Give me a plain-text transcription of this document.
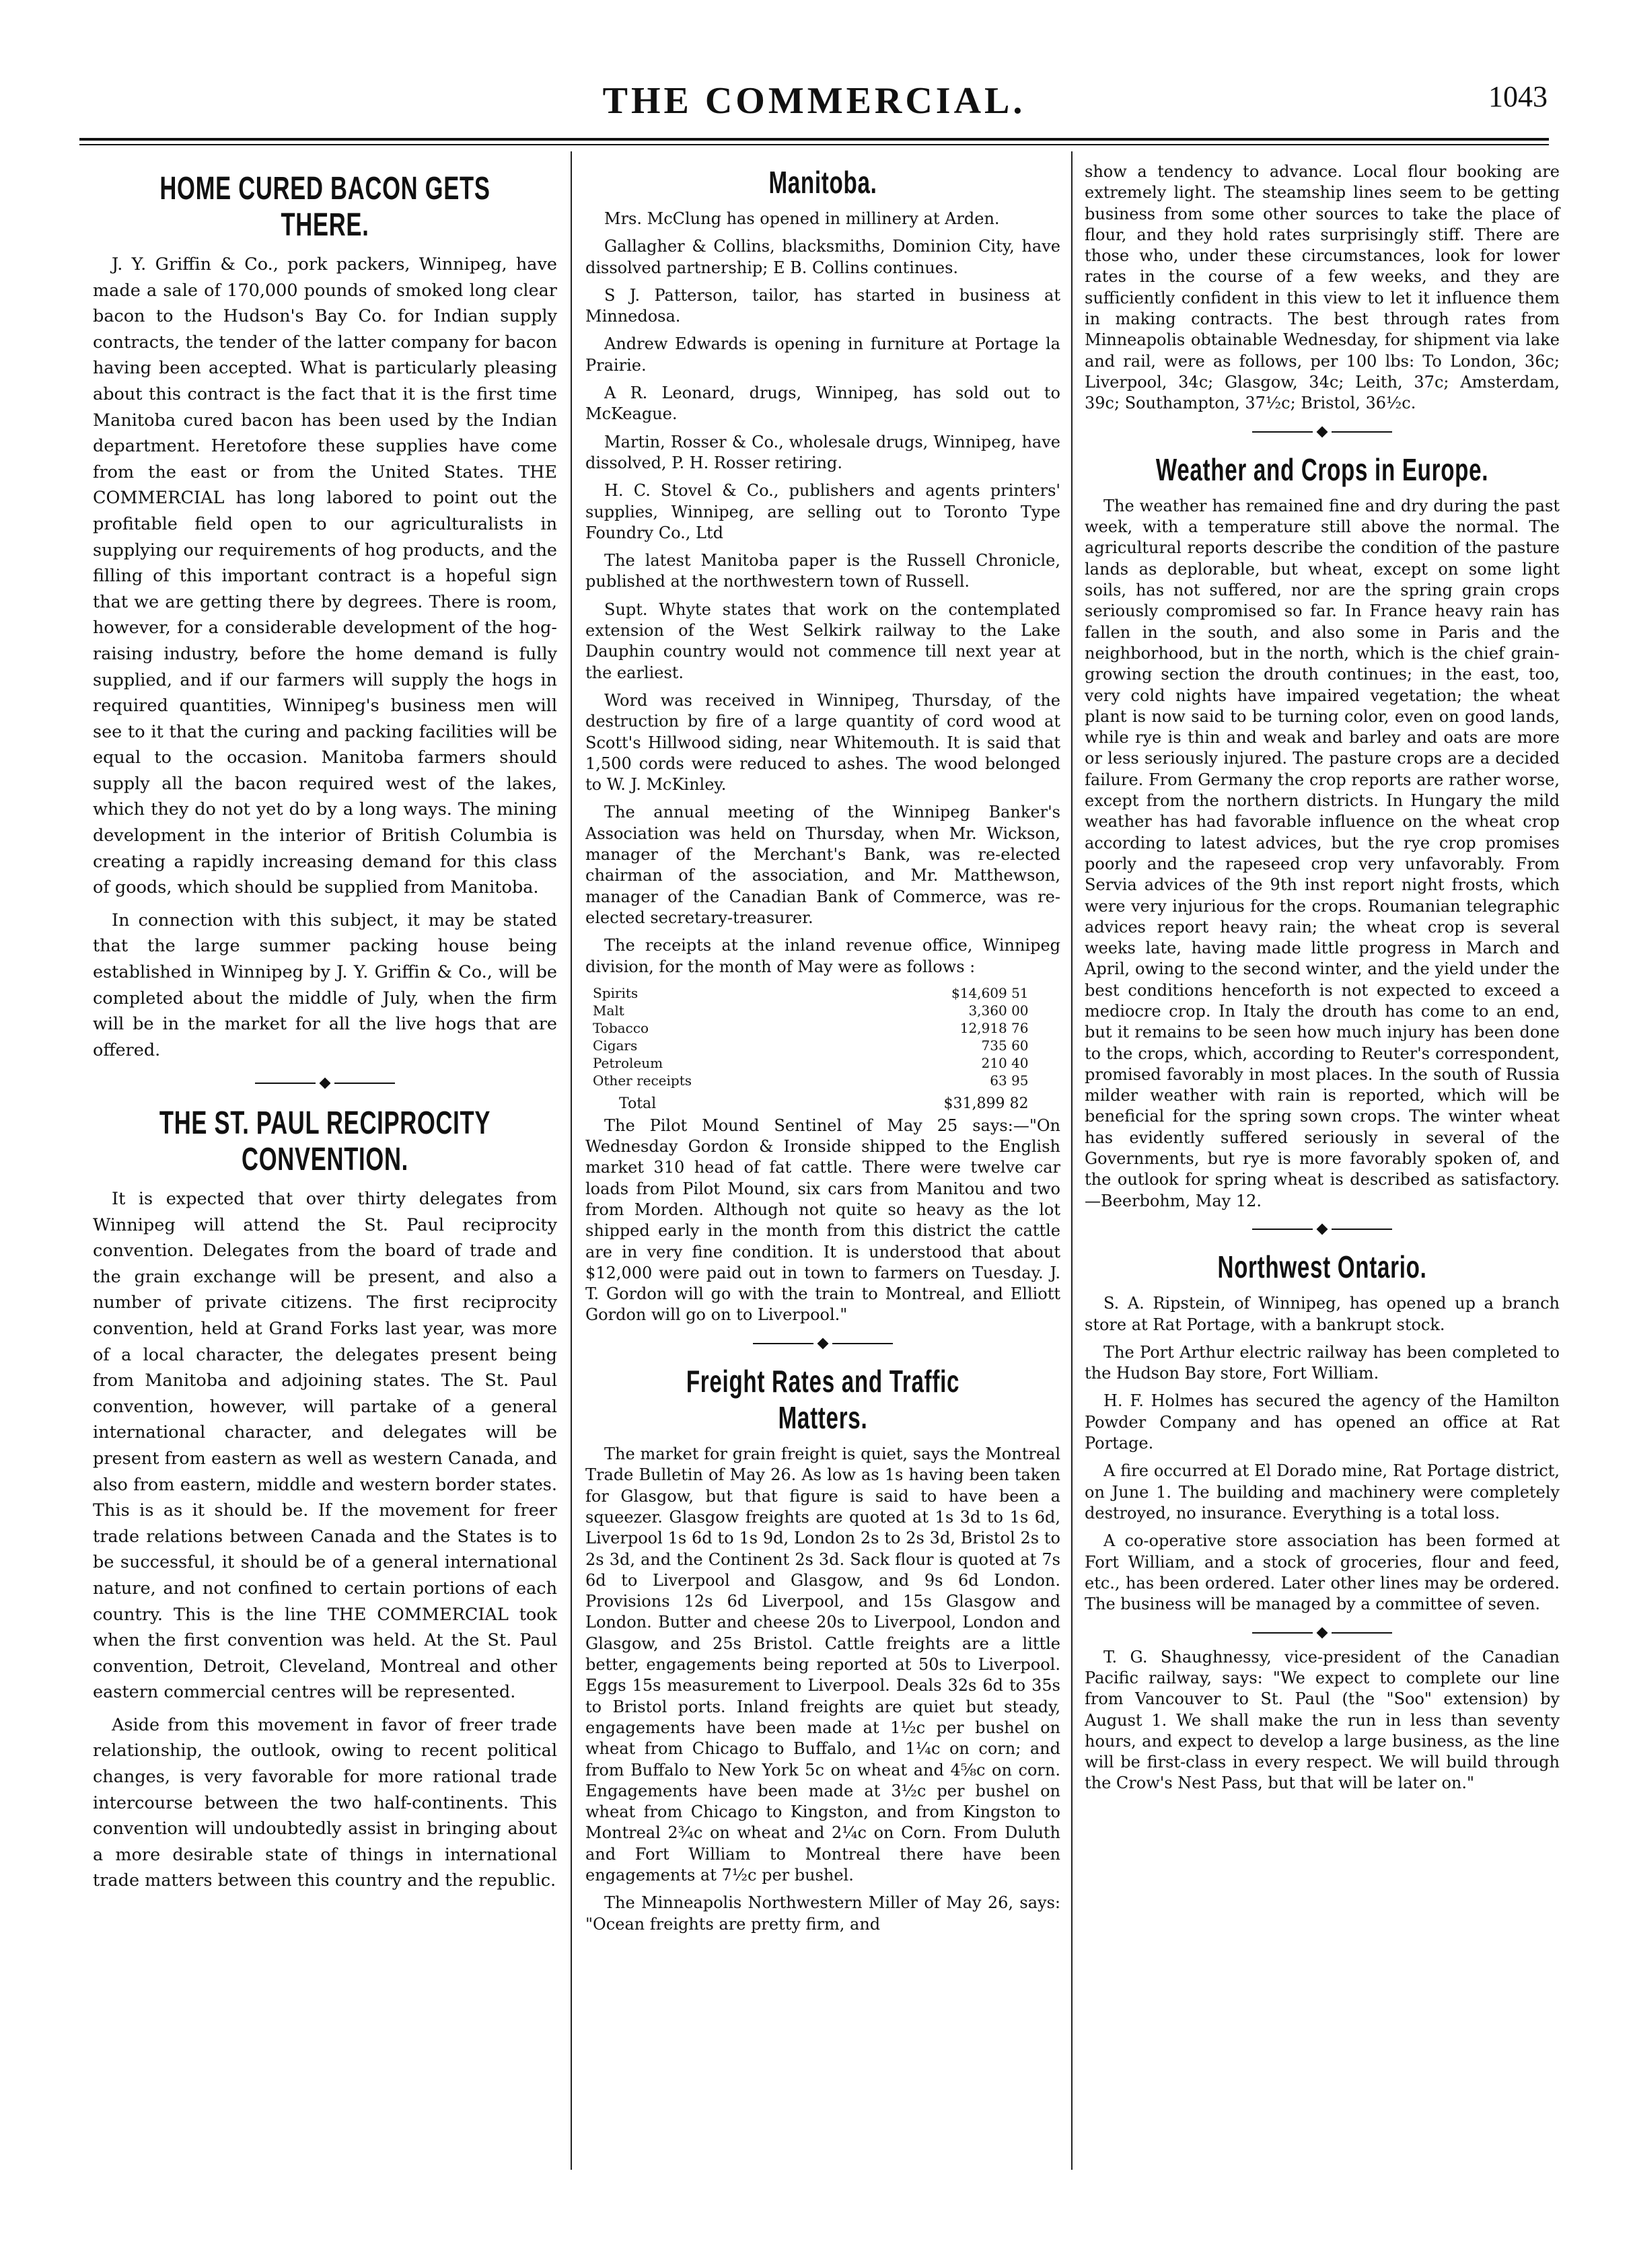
THE COMMERCIAL.	1043
HOME CURED BACON GETS THERE.

J. Y. Griffin & Co., pork packers, Winnipeg, have made a sale of 170,000 pounds of smoked long clear bacon to the Hudson's Bay Co. for Indian supply contracts, the tender of the latter company for bacon having been accepted. What is particularly pleasing about this contract is the fact that it is the first time Manitoba cured bacon has been used by the Indian department. Heretofore these supplies have come from the east or from the United States. THE COMMERCIAL has long labored to point out the profitable field open to our agriculturalists in supplying our requirements of hog products, and the filling of this important contract is a hopeful sign that we are getting there by degrees. There is room, however, for a considerable development of the hog-raising industry, before the home demand is fully supplied, and if our farmers will supply the hogs in required quantities, Winnipeg's business men will see to it that the curing and packing facilities will be equal to the occasion. Manitoba farmers should supply all the bacon required west of the lakes, which they do not yet do by a long ways. The mining development in the interior of British Columbia is creating a rapidly increasing demand for this class of goods, which should be supplied from Manitoba.

In connection with this subject, it may be stated that the large summer packing house being established in Winnipeg by J. Y. Griffin & Co., will be completed about the middle of July, when the firm will be in the market for all the live hogs that are offered.

THE ST. PAUL RECIPROCITY CONVENTION.

It is expected that over thirty delegates from Winnipeg will attend the St. Paul reciprocity convention. Delegates from the board of trade and the grain exchange will be present, and also a number of private citizens. The first reciprocity convention, held at Grand Forks last year, was more of a local character, the delegates present being from Manitoba and adjoining states. The St. Paul convention, however, will partake of a general international character, and delegates will be present from eastern as well as western Canada, and also from eastern, middle and western border states. This is as it should be. If the movement for freer trade relations between Canada and the States is to be successful, it should be of a general international nature, and not confined to certain portions of each country. This is the line THE COMMERCIAL took when the first convention was held. At the St. Paul convention, Detroit, Cleveland, Montreal and other eastern commercial centres will be represented.

Aside from this movement in favor of freer trade relationship, the outlook, owing to recent political changes, is very favorable for more rational trade intercourse between the two half-continents. This convention will undoubtedly assist in bringing about a more desirable state of things in international trade matters between this country and the republic.

Manitoba.

Mrs. McClung has opened in millinery at Arden.

Gallagher & Collins, blacksmiths, Dominion City, have dissolved partnership; E B. Collins continues.

S J. Patterson, tailor, has started in business at Minnedosa.

Andrew Edwards is opening in furniture at Portage la Prairie.

A R. Leonard, drugs, Winnipeg, has sold out to McKeague.

Martin, Rosser & Co., wholesale drugs, Winnipeg, have dissolved, P. H. Rosser retiring.

H. C. Stovel & Co., publishers and agents printers' supplies, Winnipeg, are selling out to Toronto Type Foundry Co., Ltd

The latest Manitoba paper is the Russell Chronicle, published at the northwestern town of Russell.

Supt. Whyte states that work on the contemplated extension of the West Selkirk railway to the Lake Dauphin country would not commence till next year at the earliest.

Word was received in Winnipeg, Thursday, of the destruction by fire of a large quantity of cord wood at Scott's Hillwood siding, near Whitemouth. It is said that 1,500 cords were reduced to ashes. The wood belonged to W. J. McKinley.

The annual meeting of the Winnipeg Banker's Association was held on Thursday, when Mr. Wickson, manager of the Merchant's Bank, was re-elected chairman of the association, and Mr. Matthewson, manager of the Canadian Bank of Commerce, was re-elected secretary-treasurer.

The receipts at the inland revenue office, Winnipeg division, for the month of May were as follows :

Spirits	$14,609 51
Malt	3,360 00
Tobacco	12,918 76
Cigars	735 60
Petroleum	210 40
Other receipts	63 95
Total	$31,899 82

The Pilot Mound Sentinel of May 25 says:—"On Wednesday Gordon & Ironside shipped to the English market 310 head of fat cattle. There were twelve car loads from Pilot Mound, six cars from Manitou and two from Morden. Although not quite so heavy as the lot shipped early in the month from this district the cattle are in very fine condition. It is understood that about $12,000 were paid out in town to farmers on Tuesday. J. T. Gordon will go with the train to Montreal, and Elliott Gordon will go on to Liverpool."

Freight Rates and Traffic Matters.

The market for grain freight is quiet, says the Montreal Trade Bulletin of May 26. As low as 1s having been taken for Glasgow, but that figure is said to have been a squeezer. Glasgow freights are quoted at 1s 3d to 1s 6d, Liverpool 1s 6d to 1s 9d, London 2s to 2s 3d, Bristol 2s to 2s 3d, and the Continent 2s 3d. Sack flour is quoted at 7s 6d to Liverpool and Glasgow, and 9s 6d London. Provisions 12s 6d Liverpool, and 15s Glasgow and London. Butter and cheese 20s to Liverpool, London and Glasgow, and 25s Bristol. Cattle freights are a little better, engagements being reported at 50s to Liverpool. Eggs 15s measurement to Liverpool. Deals 32s 6d to 35s to Bristol ports. Inland freights are quiet but steady, engagements have been made at 1½c per bushel on wheat from Chicago to Buffalo, and 1¼c on corn; and from Buffalo to New York 5c on wheat and 4⅝c on corn. Engagements have been made at 3½c per bushel on wheat from Chicago to Kingston, and from Kingston to Montreal 2¾c on wheat and 2¼c on Corn. From Duluth and Fort William to Montreal there have been engagements at 7½c per bushel.

The Minneapolis Northwestern Miller of May 26, says: "Ocean freights are pretty firm, and

show a tendency to advance. Local flour booking are extremely light. The steamship lines seem to be getting business from some other sources to take the place of flour, and they hold rates surprisingly stiff. There are those who, under these circumstances, look for lower rates in the course of a few weeks, and they are sufficiently confident in this view to let it influence them in making contracts. The best through rates from Minneapolis obtainable Wednesday, for shipment via lake and rail, were as follows, per 100 lbs: To London, 36c; Liverpool, 34c; Glasgow, 34c; Leith, 37c; Amsterdam, 39c; Southampton, 37½c; Bristol, 36½c.

Weather and Crops in Europe.

The weather has remained fine and dry during the past week, with a temperature still above the normal. The agricultural reports describe the condition of the pasture lands as deplorable, but wheat, except on some light soils, has not suffered, nor are the spring grain crops seriously compromised so far. In France heavy rain has fallen in the south, and also some in Paris and the neighborhood, but in the north, which is the chief grain-growing section the drouth continues; in the east, too, very cold nights have impaired vegetation; the wheat plant is now said to be turning color, even on good lands, while rye is thin and weak and barley and oats are more or less seriously injured. The pasture crops are a decided failure. From Germany the crop reports are rather worse, except from the northern districts. In Hungary the mild weather has had favorable influence on the wheat crop according to latest advices, but the rye crop promises poorly and the rapeseed crop very unfavorably. From Servia advices of the 9th inst report night frosts, which were very injurious for the crops. Roumanian telegraphic advices report heavy rain; the wheat crop is several weeks late, having made little progress in March and April, owing to the second winter, and the yield under the best conditions henceforth is not expected to exceed a mediocre crop. In Italy the drouth has come to an end, but it remains to be seen how much injury has been done to the crops, which, according to Reuter's correspondent, promised favorably in most places. In the south of Russia milder weather with rain is reported, which will be beneficial for the spring sown crops. The winter wheat has evidently suffered seriously in several of the Governments, but rye is more favorably spoken of, and the outlook for spring wheat is described as satisfactory.—Beerbohm, May 12.

Northwest Ontario.

S. A. Ripstein, of Winnipeg, has opened up a branch store at Rat Portage, with a bankrupt stock.

The Port Arthur electric railway has been completed to the Hudson Bay store, Fort William.

H. F. Holmes has secured the agency of the Hamilton Powder Company and has opened an office at Rat Portage.

A fire occurred at El Dorado mine, Rat Portage district, on June 1. The building and machinery were completely destroyed, no insurance. Everything is a total loss.

A co-operative store association has been formed at Fort William, and a stock of groceries, flour and feed, etc., has been ordered. Later other lines may be ordered. The business will be managed by a committee of seven.

T. G. Shaughnessy, vice-president of the Canadian Pacific railway, says: "We expect to complete our line from Vancouver to St. Paul (the "Soo" extension) by August 1. We shall make the run in less than seventy hours, and expect to develop a large business, as the line will be first-class in every respect. We will build through the Crow's Nest Pass, but that will be later on."
